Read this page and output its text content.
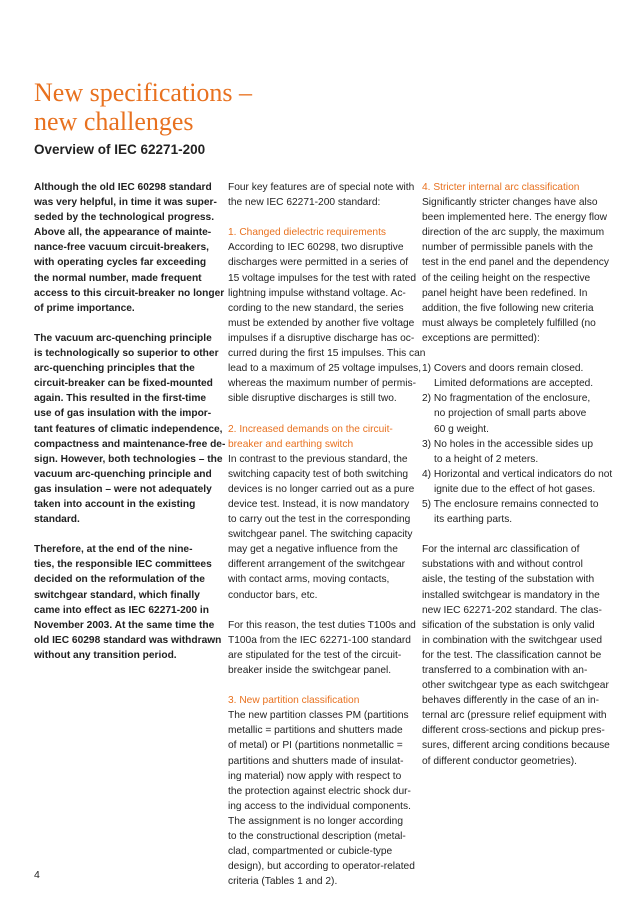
New specifications –
new challenges
Overview of IEC 62271-200
Although the old IEC 60298 standard
was very helpful, in time it was super-
seded by the technological progress.
Above all, the appearance of mainte-
nance-free vacuum circuit-breakers,
with operating cycles far exceeding
the normal number, made frequent
access to this circuit-breaker no longer
of prime importance.
The vacuum arc-quenching principle
is technologically so superior to other
arc-quenching principles that the
circuit-breaker can be fixed-mounted
again. This resulted in the first-time
use of gas insulation with the impor-
tant features of climatic independence,
compactness and maintenance-free de-
sign. However, both technologies – the
vacuum arc-quenching principle and
gas insulation – were not adequately
taken into account in the existing
standard.
Therefore, at the end of the nine-
ties, the responsible IEC committees
decided on the reformulation of the
switchgear standard, which finally
came into effect as IEC 62271-200 in
November 2003. At the same time the
old IEC 60298 standard was withdrawn
without any transition period.
Four key features are of special note with
the new IEC 62271-200 standard:
1. Changed dielectric requirements
According to IEC 60298, two disruptive
discharges were permitted in a series of
15 voltage impulses for the test with rated
lightning impulse withstand voltage. Ac-
cording to the new standard, the series
must be extended by another five voltage
impulses if a disruptive discharge has oc-
curred during the first 15 impulses. This can
lead to a maximum of 25 voltage impulses,
whereas the maximum number of permis-
sible disruptive discharges is still two.
2. Increased demands on the circuit-
breaker and earthing switch
In contrast to the previous standard, the
switching capacity test of both switching
devices is no longer carried out as a pure
device test. Instead, it is now mandatory
to carry out the test in the corresponding
switchgear panel. The switching capacity
may get a negative influence from the
different arrangement of the switchgear
with contact arms, moving contacts,
conductor bars, etc.
For this reason, the test duties T100s and
T100a from the IEC 62271-100 standard
are stipulated for the test of the circuit-
breaker inside the switchgear panel.
3. New partition classification
The new partition classes PM (partitions
metallic = partitions and shutters made
of metal) or PI (partitions nonmetallic =
partitions and shutters made of insulat-
ing material) now apply with respect to
the protection against electric shock dur-
ing access to the individual components.
The assignment is no longer according
to the constructional description (metal-
clad, compartmented or cubicle-type
design), but according to operator-related
criteria (Tables 1 and 2).
4. Stricter internal arc classification
Significantly stricter changes have also
been implemented here. The energy flow
direction of the arc supply, the maximum
number of permissible panels with the
test in the end panel and the dependency
of the ceiling height on the respective
panel height have been redefined. In
addition, the five following new criteria
must always be completely fulfilled (no
exceptions are permitted):
1) Covers and doors remain closed.
Limited deformations are accepted.
2) No fragmentation of the enclosure,
no projection of small parts above
60 g weight.
3) No holes in the accessible sides up
to a height of 2 meters.
4) Horizontal and vertical indicators do not
ignite due to the effect of hot gases.
5) The enclosure remains connected to
its earthing parts.
For the internal arc classification of
substations with and without control
aisle, the testing of the substation with
installed switchgear is mandatory in the
new IEC 62271-202 standard. The clas-
sification of the substation is only valid
in combination with the switchgear used
for the test. The classification cannot be
transferred to a combination with an-
other switchgear type as each switchgear
behaves differently in the case of an in-
ternal arc (pressure relief equipment with
different cross-sections and pickup pres-
sures, different arcing conditions because
of different conductor geometries).
4
